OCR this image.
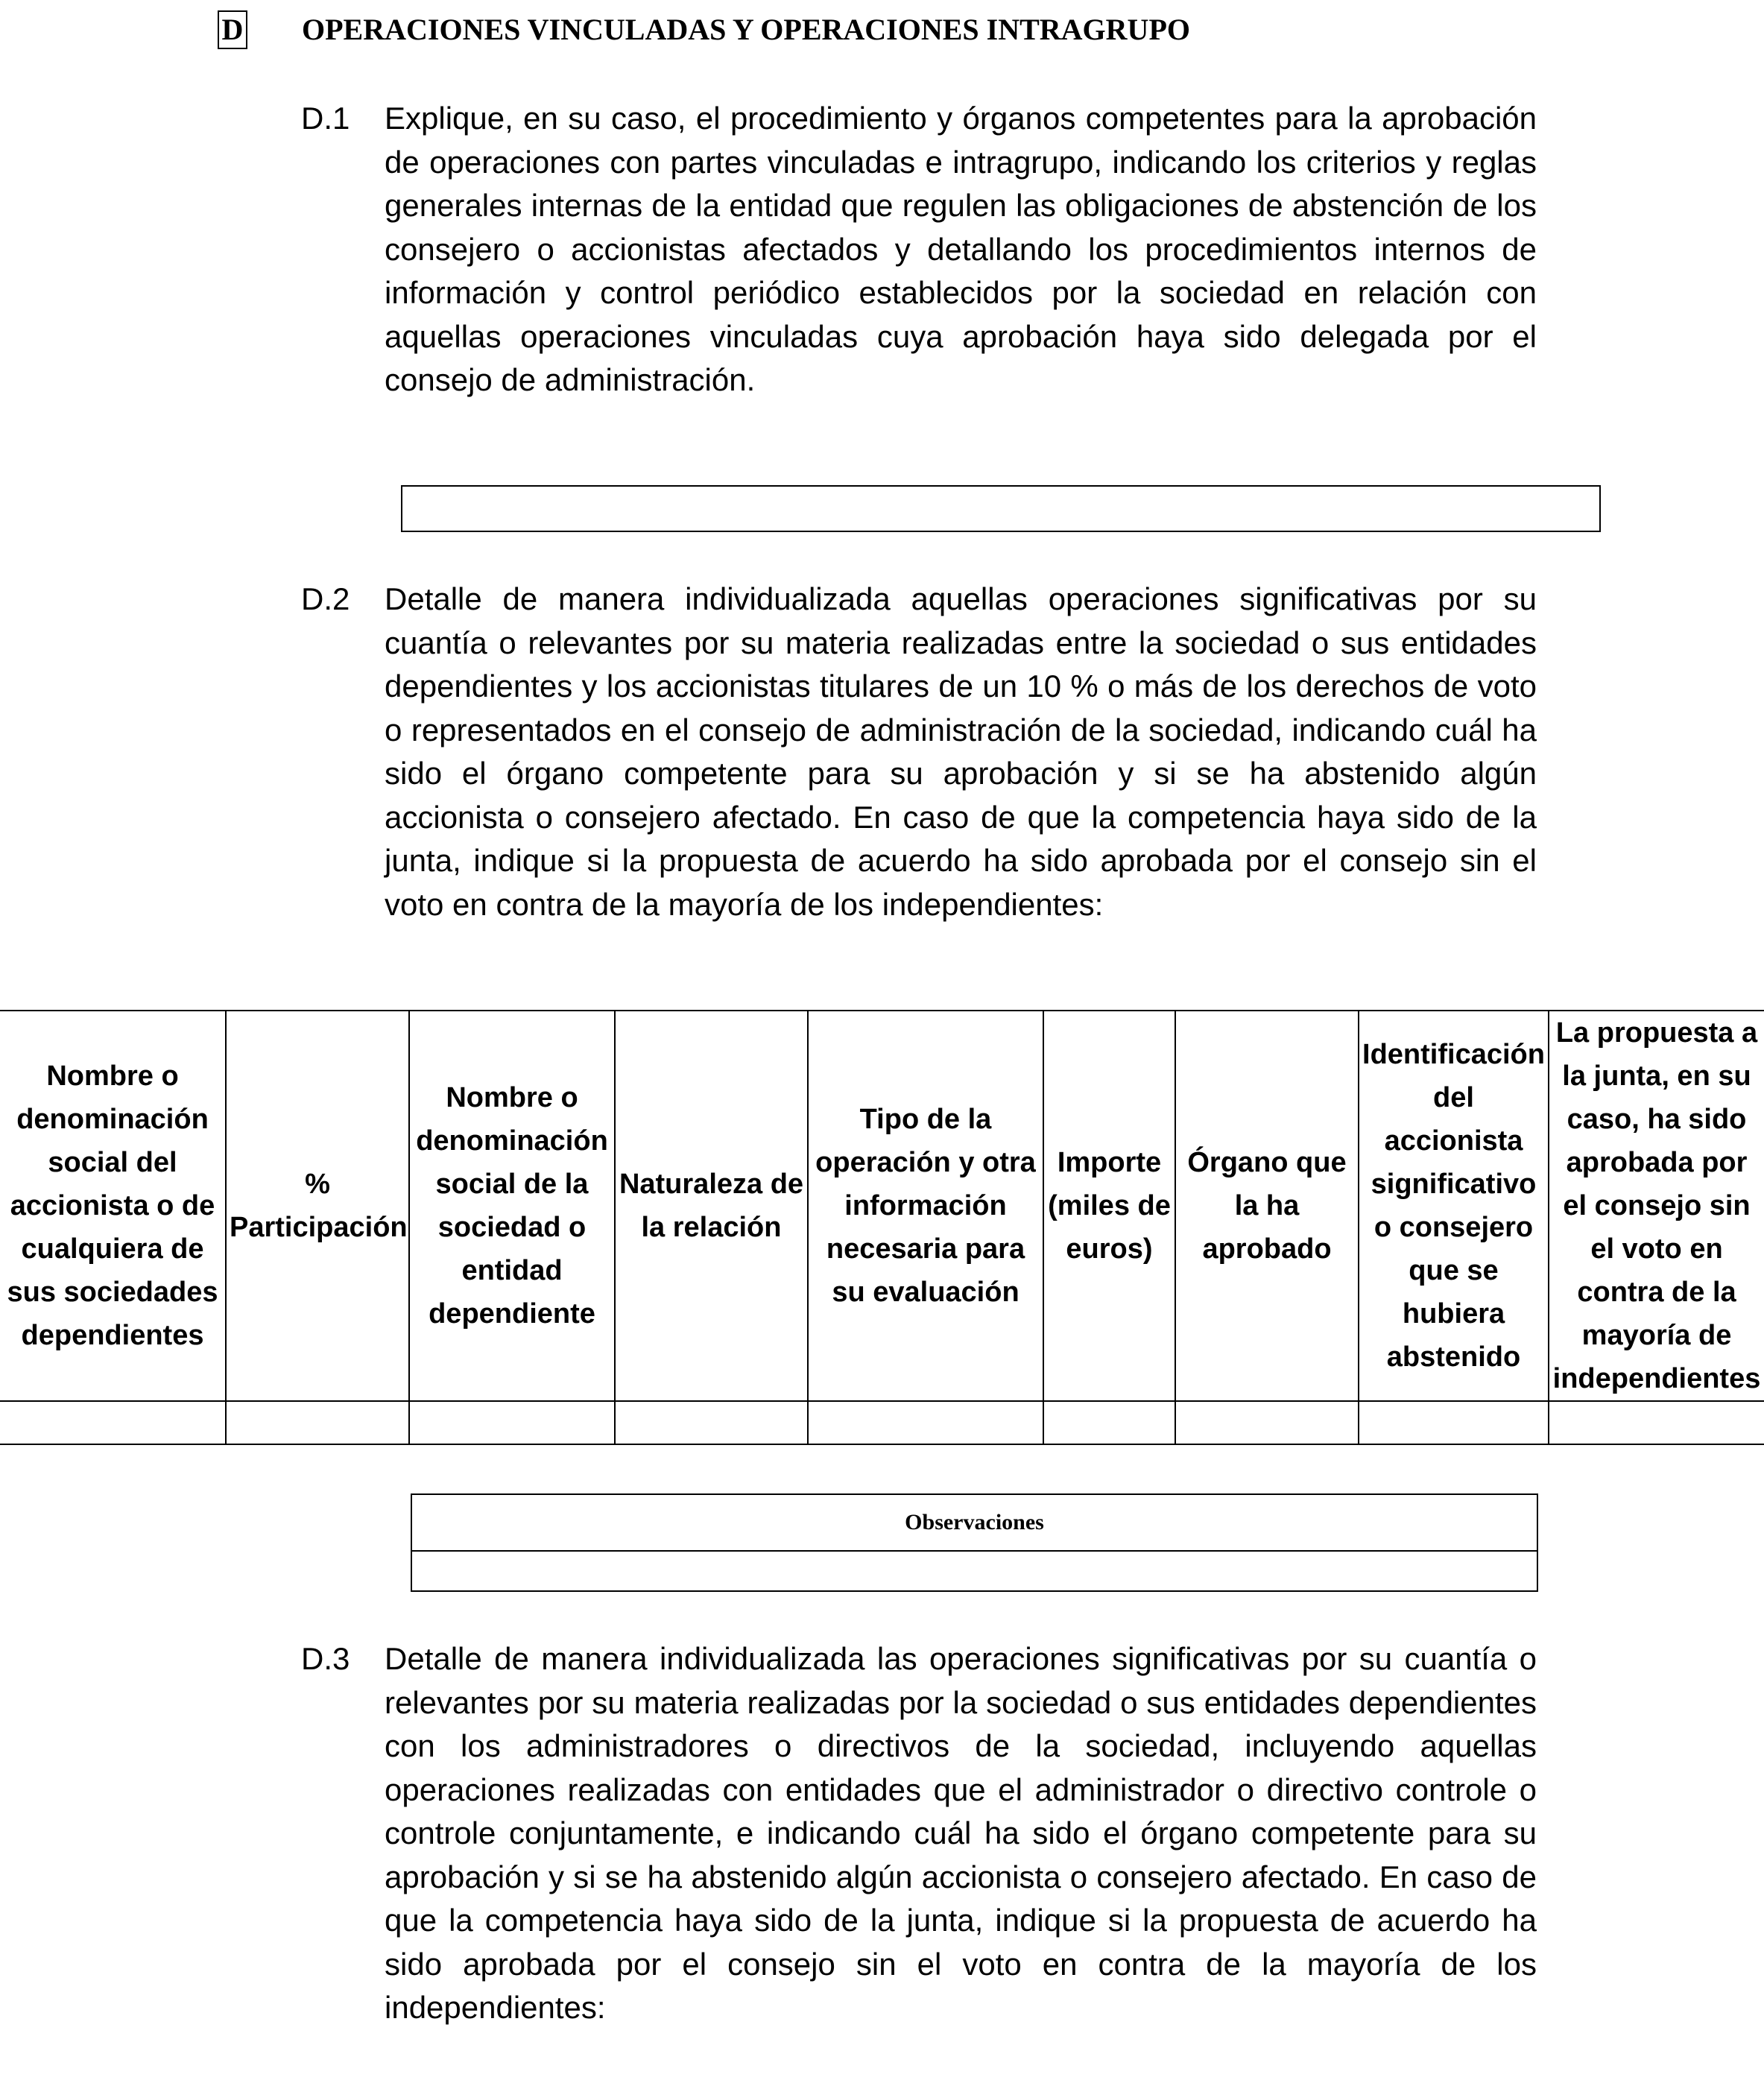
D OPERACIONES VINCULADAS Y OPERACIONES INTRAGRUPO
D.1 Explique, en su caso, el procedimiento y órganos competentes para la aprobación de operaciones con partes vinculadas e intragrupo, indicando los criterios y reglas generales internas de la entidad que regulen las obligaciones de abstención de los consejero o accionistas afectados y detallando los procedimientos internos de información y control periódico establecidos por la sociedad en relación con aquellas operaciones vinculadas cuya aprobación haya sido delegada por el consejo de administración.
D.2 Detalle de manera individualizada aquellas operaciones significativas por su cuantía o relevantes por su materia realizadas entre la sociedad o sus entidades dependientes y los accionistas titulares de un 10 % o más de los derechos de voto o representados en el consejo de administración de la sociedad, indicando cuál ha sido el órgano competente para su aprobación y si se ha abstenido algún accionista o consejero afectado. En caso de que la competencia haya sido de la junta, indique si la propuesta de acuerdo ha sido aprobada por el consejo sin el voto en contra de la mayoría de los independientes:
Nombre o denominación social del accionista o de cualquiera de sus sociedades dependientes	% Participación	Nombre o denominación social de la sociedad o entidad dependiente	Naturaleza de la relación	Tipo de la operación y otra información necesaria para su evaluación	Importe (miles de euros)	Órgano que la ha aprobado	Identificación del accionista significativo o consejero que se hubiera abstenido	La propuesta a la junta, en su caso, ha sido aprobada por el consejo sin el voto en contra de la mayoría de independientes

Observaciones
D.3 Detalle de manera individualizada las operaciones significativas por su cuantía o relevantes por su materia realizadas por la sociedad o sus entidades dependientes con los administradores o directivos de la sociedad, incluyendo aquellas operaciones realizadas con entidades que el administrador o directivo controle o controle conjuntamente, e indicando cuál ha sido el órgano competente para su aprobación y si se ha abstenido algún accionista o consejero afectado. En caso de que la competencia haya sido de la junta, indique si la propuesta de acuerdo ha sido aprobada por el consejo sin el voto en contra de la mayoría de los independientes:
